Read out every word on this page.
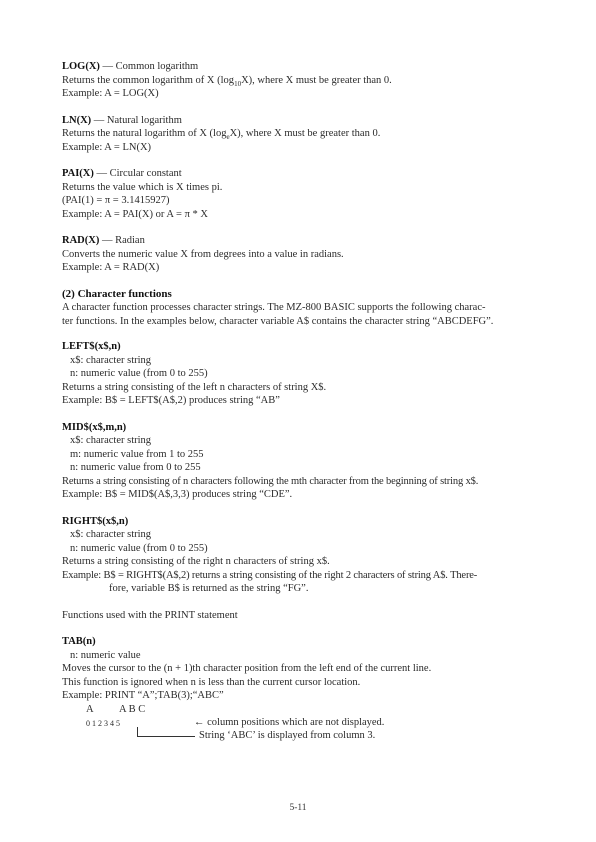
LOG(X) — Common logarithm

Returns the common logarithm of X $(\log_{10}X)$, where X must be greater than 0.

Example: A = LOG(X)

LN(X) — Natural logarithm

Returns the natural logarithm of X $(\log_eX)$, where X must be greater than 0.

Example: A = LN(X)

PAI(X) — Circular constant

Returns the value which is X times pi.

(PAI(1) = π = 3.1415927)

Example: A = PAI(X) or A = π * X

RAD(X) — Radian

Converts the numeric value X from degrees into a value in radians.

Example: A = RAD(X)

(2) Character functions

A character function processes character strings. The MZ-800 BASIC supports the following charac-

ter functions. In the examples below, character variable A$ contains the character string “ABCDEFG”.

LEFT$(x$,n)

x$: character string

n: numeric value (from 0 to 255)

Returns a string consisting of the left n characters of string X$.

Example: B$ = LEFT$(A$,2) produces string “AB”

MID$(x$,m,n)

x$: character string

m: numeric value from 1 to 255

n: numeric value from 0 to 255

Returns a string consisting of n characters following the mth character from the beginning of string x$.

Example: B$ = MID$(A$,3,3) produces string “CDE”.

RIGHT$(x$,n)

x$: character string

n: numeric value (from 0 to 255)

Returns a string consisting of the right n characters of string x$.

Example: B$ = RIGHT$(A$,2) returns a string consisting of the right 2 characters of string A$. There-

fore, variable B$ is returned as the string “FG”.

Functions used with the PRINT statement

TAB(n)

n: numeric value

Moves the cursor to the (n + 1)th character position from the left end of the current line.

This function is ignored when n is less than the current cursor location.

Example: PRINT “A”;TAB(3);“ABC”

A A B C
0 1 2 3 4 5	← column positions which are not displayed.
String ‘ABC’ is displayed from column 3.
5-11
